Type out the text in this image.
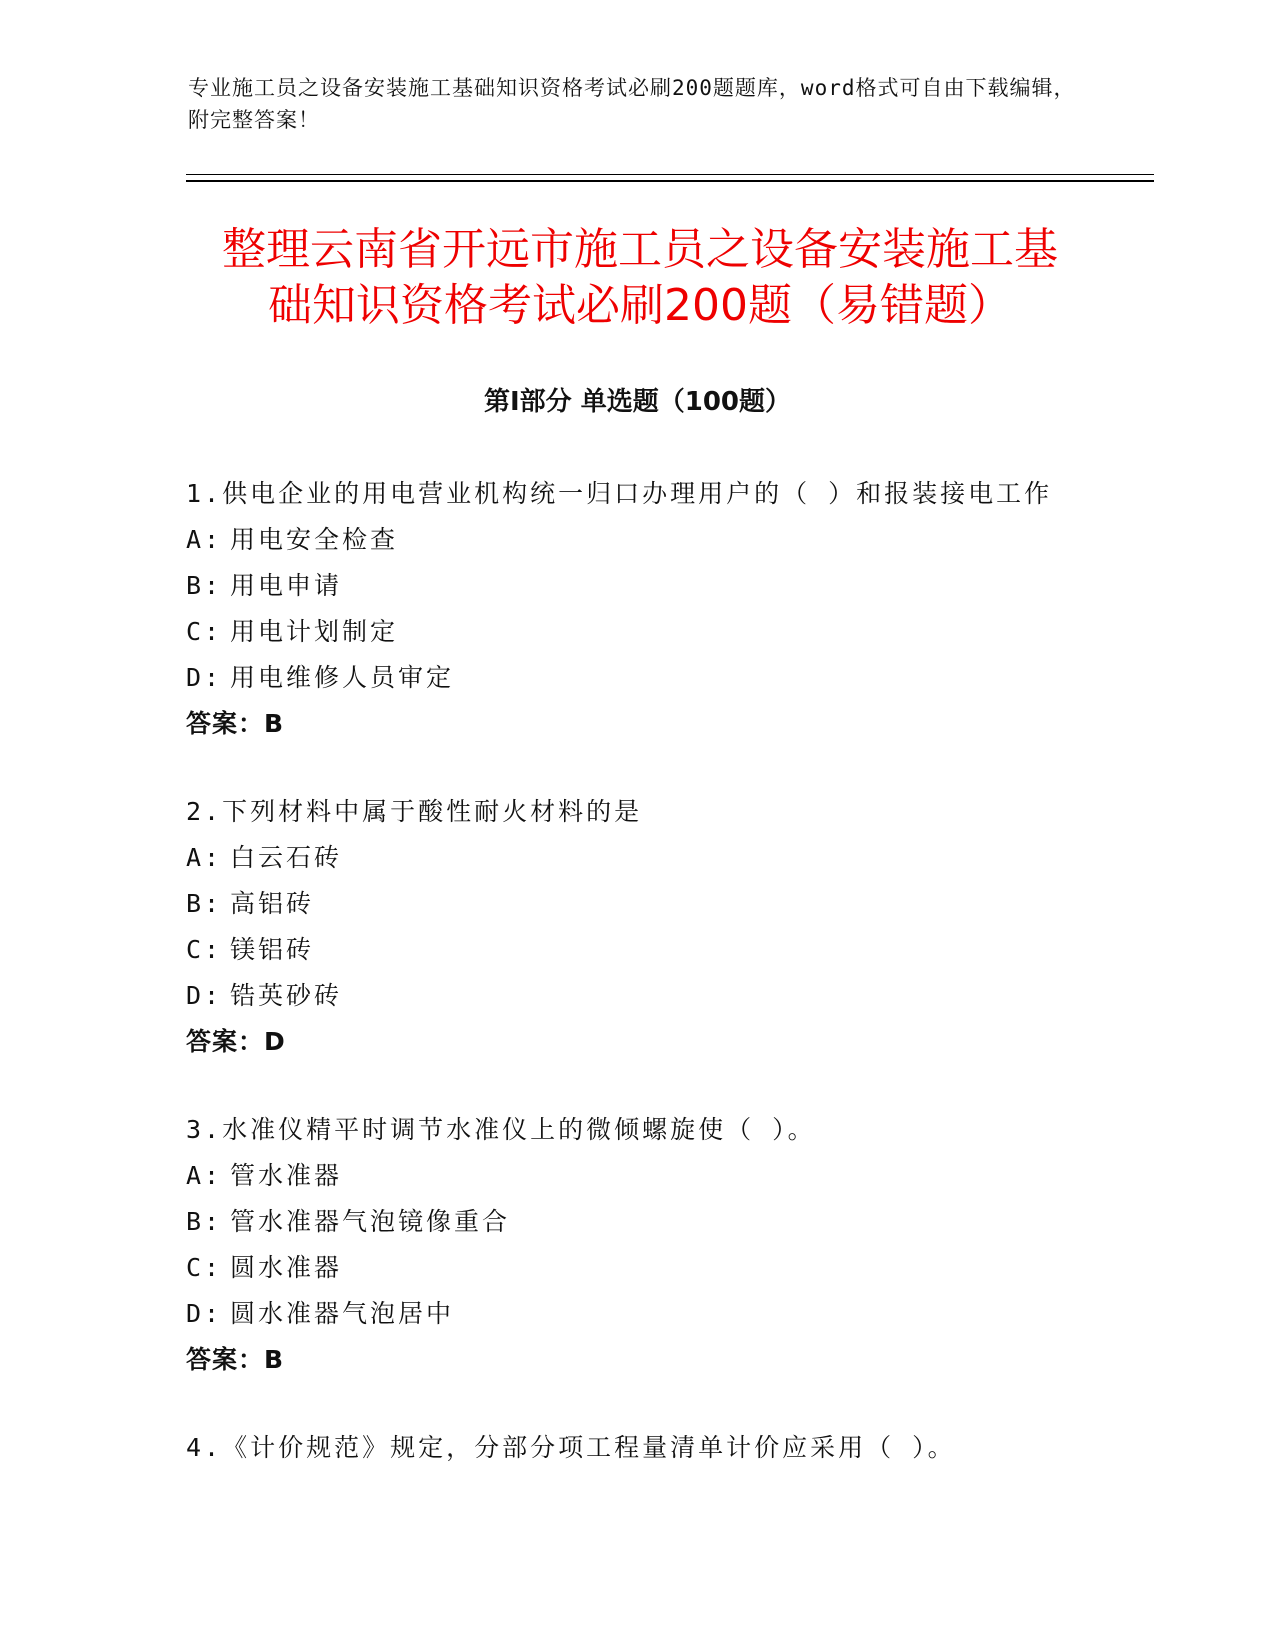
专业施工员之设备安装施工基础知识资格考试必刷200题题库，word格式可自由下载编辑，附完整答案！
整理云南省开远市施工员之设备安装施工基
础知识资格考试必刷200题（易错题）
第Ⅰ部分 单选题（100题）
1.供电企业的用电营业机构统一归口办理用户的（ ）和报装接电工作
A: 用电安全检查
B: 用电申请
C: 用电计划制定
D: 用电维修人员审定
答案：B
2.下列材料中属于酸性耐火材料的是
A: 白云石砖
B: 高铝砖
C: 镁铝砖
D: 锆英砂砖
答案：D
3.水准仪精平时调节水准仪上的微倾螺旋使（ ）。
A: 管水准器
B: 管水准器气泡镜像重合
C: 圆水准器
D: 圆水准器气泡居中
答案：B
4.《计价规范》规定，分部分项工程量清单计价应采用（ ）。
